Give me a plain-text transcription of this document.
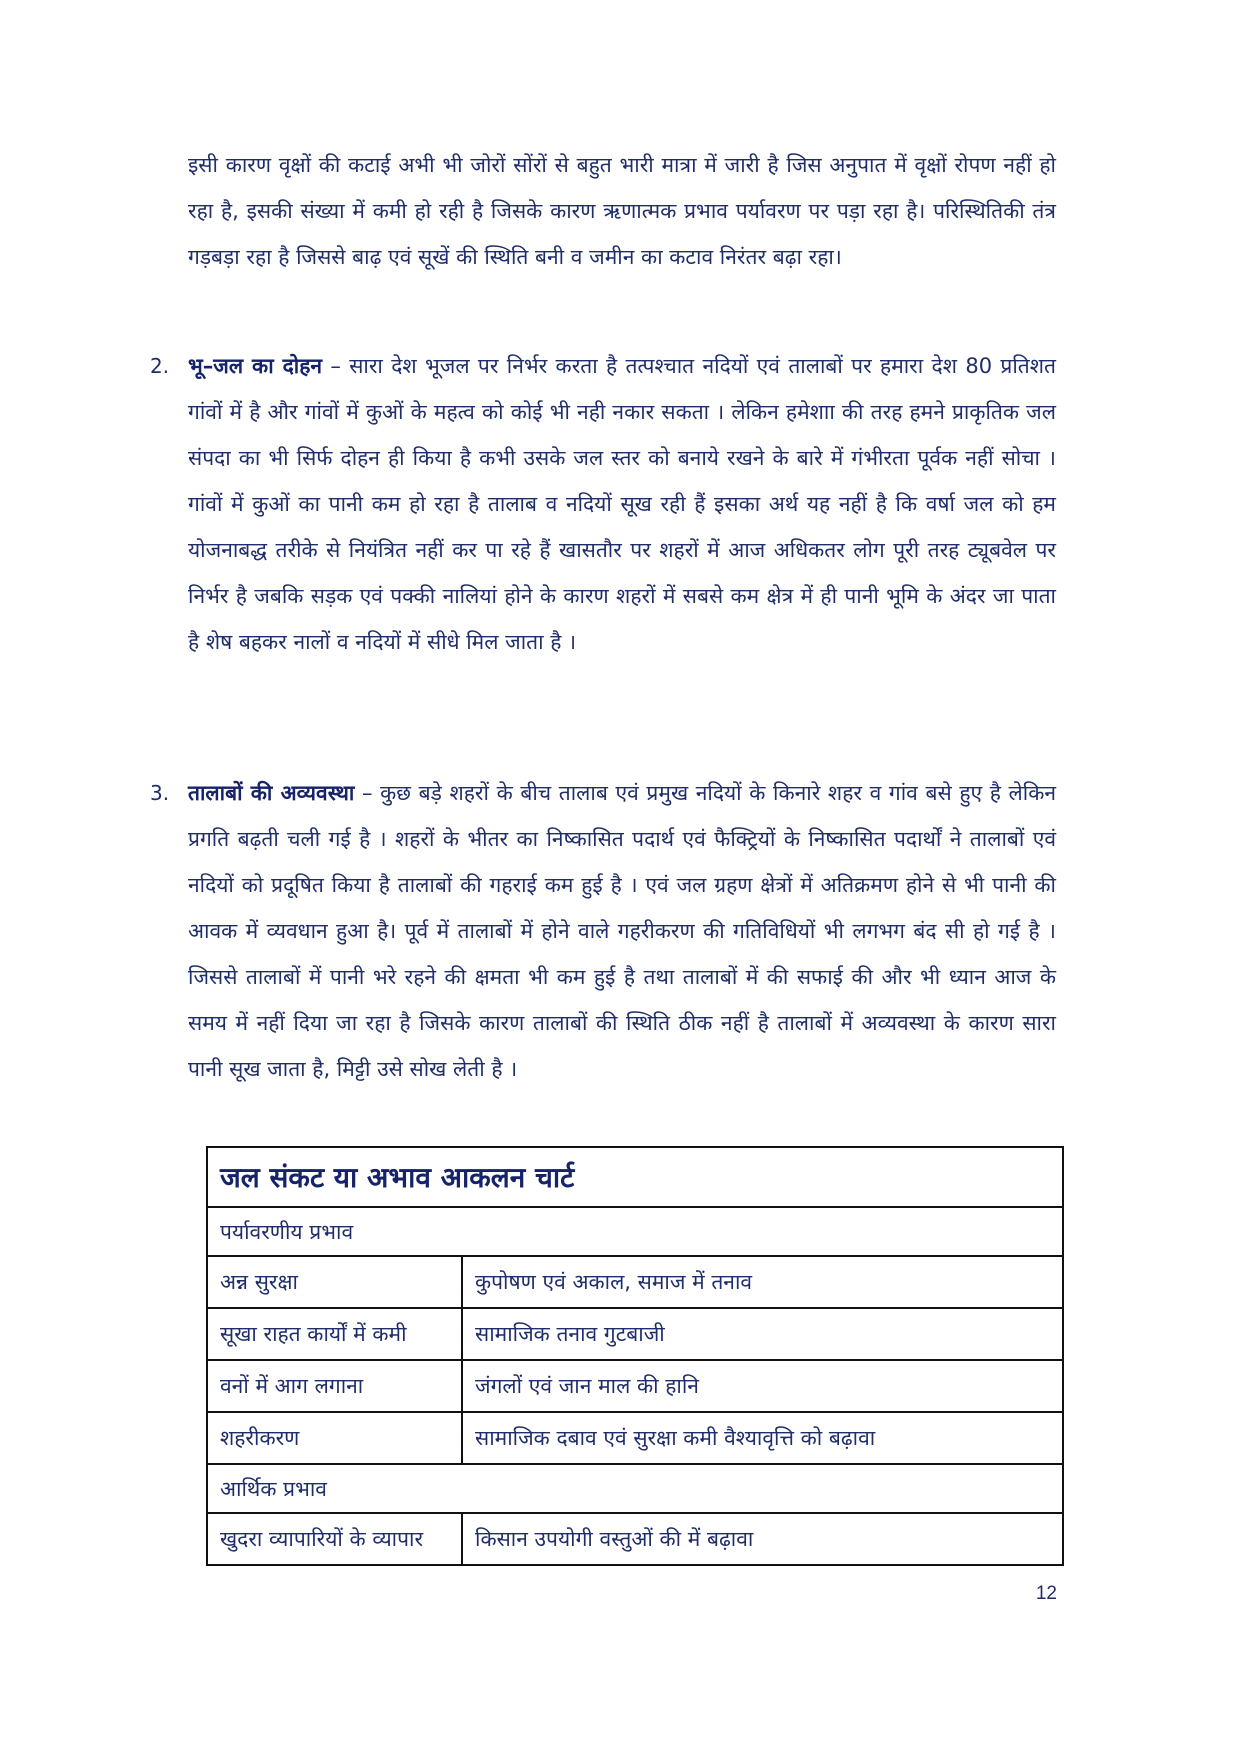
इसी कारण वृक्षों की कटाई अभी भी जोरों सोंरों से बहुत भारी मात्रा में जारी है जिस अनुपात में वृक्षों रोपण नहीं हो रहा है, इसकी संख्या में कमी हो रही है जिसके कारण ऋणात्मक प्रभाव पर्यावरण पर पड़ा रहा है। परिस्थितिकी तंत्र गड़बड़ा रहा है जिससे बाढ़ एवं सूखें की स्थिति बनी व जमीन का कटाव निरंतर बढ़ा रहा।
2. भू–जल का दोहन – सारा देश भूजल पर निर्भर करता है तत्पश्चात नदियों एवं तालाबों पर हमारा देश 80 प्रतिशत गांवों में है और गांवों में कुओं के महत्व को कोई भी नही नकार सकता । लेकिन हमेशाा की तरह हमने प्राकृतिक जल संपदा का भी सिर्फ दोहन ही किया है कभी उसके जल स्तर को बनाये रखने के बारे में गंभीरता पूर्वक नहीं सोचा । गांवों में कुओं का पानी कम हो रहा है तालाब व नदियों सूख रही हैं इसका अर्थ यह नहीं है कि वर्षा जल को हम योजनाबद्ध तरीके से नियंत्रित नहीं कर पा रहे हैं खासतौर पर शहरों में आज अधिकतर लोग पूरी तरह ट्यूबवेल पर निर्भर है जबकि सड़क एवं पक्की नालियां होने के कारण शहरों में सबसे कम क्षेत्र में ही पानी भूमि के अंदर जा पाता है शेष बहकर नालों व नदियों में सीधे मिल जाता है ।
3. तालाबों की अव्यवस्था – कुछ बड़े शहरों के बीच तालाब एवं प्रमुख नदियों के किनारे शहर व गांव बसे हुए है लेकिन प्रगति बढ़ती चली गई है । शहरों के भीतर का निष्कासित पदार्थ एवं फैक्ट्रियों के निष्कासित पदार्थों ने तालाबों एवं नदियों को प्रदूषित किया है तालाबों की गहराई कम हुई है । एवं जल ग्रहण क्षेत्रों में अतिक्रमण होने से भी पानी की आवक में व्यवधान हुआ है। पूर्व में तालाबों में होने वाले गहरीकरण की गतिविधियों भी लगभग बंद सी हो गई है । जिससे तालाबों में पानी भरे रहने की क्षमता भी कम हुई है तथा तालाबों में की सफाई की और भी ध्यान आज के समय में नहीं दिया जा रहा है जिसके कारण तालाबों की स्थिति ठीक नहीं है तालाबों में अव्यवस्था के कारण सारा पानी सूख जाता है, मिट्टी उसे सोख लेती है ।
जल संकट या अभाव आकलन चार्ट	
पर्यावरणीय प्रभाव	
अन्न सुरक्षा	कुपोषण एवं अकाल, समाज में तनाव
सूखा राहत कार्यों में कमी	सामाजिक तनाव गुटबाजी
वनों में आग लगाना	जंगलों एवं जान माल की हानि
शहरीकरण	सामाजिक दबाव एवं सुरक्षा कमी वैश्यावृत्ति को बढ़ावा
आर्थिक प्रभाव	
खुदरा व्यापारियों के व्यापार	किसान उपयोगी वस्तुओं की में बढ़ावा
12
